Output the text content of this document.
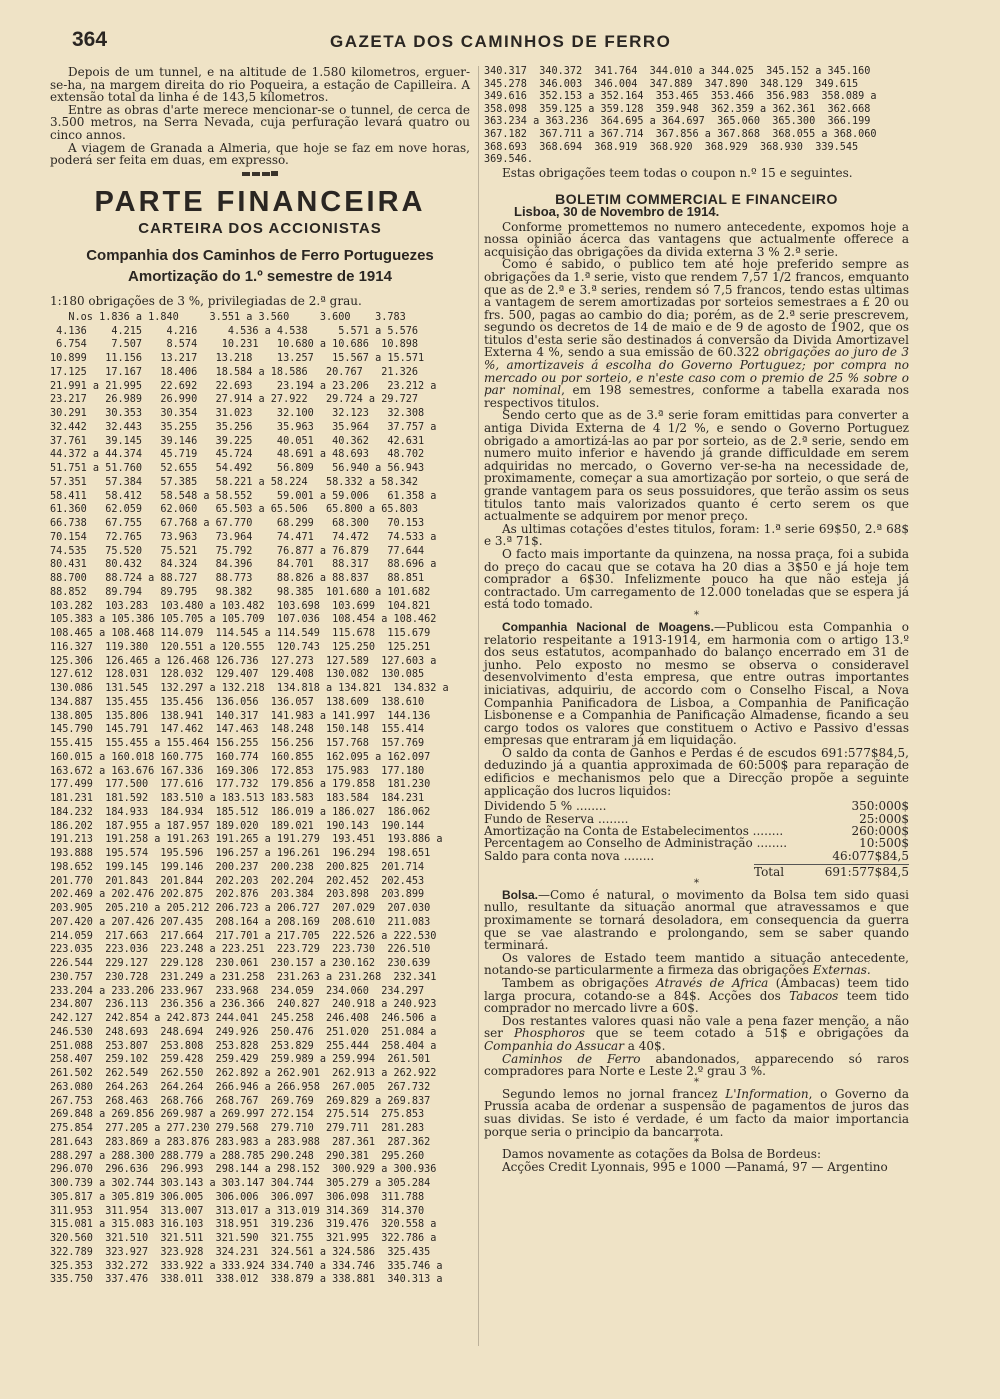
364	GAZETA DOS CAMINHOS DE FERRO

Depois de um tunnel, e na altitude de 1.580 kilometros, erguer-se-ha, na margem direita do rio Poqueira, a estação de Capilleira. A extensão total da linha é de 143,5 kilometros.

Entre as obras d'arte merece mencionar-se o tunnel, de cerca de 3.500 metros, na Serra Nevada, cuja perfuração levará quatro ou cinco annos.

A viagem de Granada a Almeria, que hoje se faz em nove horas, poderá ser feita em duas, em expresso.

PARTE FINANCEIRA
CARTEIRA DOS ACCIONISTAS
Companhia dos Caminhos de Ferro Portuguezes
Amortização do 1.º semestre de 1914

1:180 obrigações de 3 %, privilegiadas de 2.ª grau.

N.os 1.836 a 1.840     3.551 a 3.560     3.600    3.783
4.136    4.215    4.216     4.536 a 4.538     5.571 a 5.576
6.754    7.507    8.574    10.231   10.680 a 10.686  10.898
10.899   11.156   13.217   13.218    13.257   15.567 a 15.571
17.125   17.167   18.406   18.584 a 18.586   20.767   21.326
21.991 a 21.995   22.692   22.693    23.194 a 23.206   23.212 a
23.217   26.989   26.990   27.914 a 27.922   29.724 a 29.727
30.291   30.353   30.354   31.023    32.100   32.123   32.308
32.442   32.443   35.255   35.256    35.963   35.964   37.757 a
37.761   39.145   39.146   39.225    40.051   40.362   42.631
44.372 a 44.374   45.719   45.724    48.691 a 48.693   48.702
51.751 a 51.760   52.655   54.492    56.809   56.940 a 56.943
57.351   57.384   57.385   58.221 a 58.224   58.332 a 58.342
58.411   58.412   58.548 a 58.552    59.001 a 59.006   61.358 a
61.360   62.059   62.060   65.503 a 65.506   65.800 a 65.803
66.738   67.755   67.768 a 67.770    68.299   68.300   70.153
70.154   72.765   73.963   73.964    74.471   74.472   74.533 a
74.535   75.520   75.521   75.792    76.877 a 76.879   77.644
80.431   80.432   84.324   84.396    84.701   88.317   88.696 a
88.700   88.724 a 88.727   88.773    88.826 a 88.837   88.851
88.852   89.794   89.795   98.382    98.385  101.680 a 101.682
103.282  103.283  103.480 a 103.482  103.698  103.699  104.821
105.383 a 105.386 105.705 a 105.709  107.036  108.454 a 108.462
108.465 a 108.468 114.079  114.545 a 114.549  115.678  115.679
116.327  119.380  120.551 a 120.555  120.743  125.250  125.251
125.306  126.465 a 126.468 126.736  127.273  127.589  127.603 a
127.612  128.031  128.032  129.407  129.408  130.082  130.085
130.086  131.545  132.297 a 132.218  134.818 a 134.821  134.832 a
134.887  135.455  135.456  136.056  136.057  138.609  138.610
138.805  135.806  138.941  140.317  141.983 a 141.997  144.136
145.790  145.791  147.462  147.463  148.248  150.148  155.414
155.415  155.455 a 155.464 156.255  156.256  157.768  157.769
160.015 a 160.018 160.775  160.774  160.855  162.095 a 162.097
163.672 a 163.676 167.336  169.306  172.853  175.983  177.180
177.499  177.500  177.616  177.732  179.856 a 179.858  181.230
181.231  181.592  183.510 a 183.513 183.583  183.584  184.231
184.232  184.933  184.934  185.512  186.019 a 186.027  186.062
186.202  187.955 a 187.957 189.020  189.021  190.143  190.144
191.213  191.258 a 191.263 191.265 a 191.279  193.451  193.886 a
193.888  195.574  195.596  196.257 a 196.261  196.294  198.651
198.652  199.145  199.146  200.237  200.238  200.825  201.714
201.770  201.843  201.844  202.203  202.204  202.452  202.453
202.469 a 202.476 202.875  202.876  203.384  203.898  203.899
203.905  205.210 a 205.212 206.723 a 206.727  207.029  207.030
207.420 a 207.426 207.435  208.164 a 208.169  208.610  211.083
214.059  217.663  217.664  217.701 a 217.705  222.526 a 222.530
223.035  223.036  223.248 a 223.251  223.729  223.730  226.510
226.544  229.127  229.128  230.061  230.157 a 230.162  230.639
230.757  230.728  231.249 a 231.258  231.263 a 231.268  232.341
233.204 a 233.206 233.967  233.968  234.059  234.060  234.297
234.807  236.113  236.356 a 236.366  240.827  240.918 a 240.923
242.127  242.854 a 242.873 244.041  245.258  246.408  246.506 a
246.530  248.693  248.694  249.926  250.476  251.020  251.084 a
251.088  253.807  253.808  253.828  253.829  255.444  258.404 a
258.407  259.102  259.428  259.429  259.989 a 259.994  261.501
261.502  262.549  262.550  262.892 a 262.901  262.913 a 262.922
263.080  264.263  264.264  266.946 a 266.958  267.005  267.732
267.753  268.463  268.766  268.767  269.769  269.829 a 269.837
269.848 a 269.856 269.987 a 269.997 272.154  275.514  275.853
275.854  277.205 a 277.230 279.568  279.710  279.711  281.283
281.643  283.869 a 283.876 283.983 a 283.988  287.361  287.362
288.297 a 288.300 288.779 a 288.785 290.248  290.381  295.260
296.070  296.636  296.993  298.144 a 298.152  300.929 a 300.936
300.739 a 302.744 303.143 a 303.147 304.744  305.279 a 305.284
305.817 a 305.819 306.005  306.006  306.097  306.098  311.788
311.953  311.954  313.007  313.017 a 313.019 314.369  314.370
315.081 a 315.083 316.103  318.951  319.236  319.476  320.558 a
320.560  321.510  321.511  321.590  321.755  321.995  322.786 a
322.789  323.927  323.928  324.231  324.561 a 324.586  325.435
325.353  332.272  333.922 a 333.924 334.740 a 334.746  335.746 a
335.750  337.476  338.011  338.012  338.879 a 338.881  340.313 a
340.317  340.372  341.764  344.010 a 344.025  345.152 a 345.160
345.278  346.003  346.004  347.889  347.890  348.129  349.615
349.616  352.153 a 352.164  353.465  353.466  356.983  358.089 a
358.098  359.125 a 359.128  359.948  362.359 a 362.361  362.668
363.234 a 363.236  364.695 a 364.697  365.060  365.300  366.199
367.182  367.711 a 367.714  367.856 a 367.868  368.055 a 368.060
368.693  368.694  368.919  368.920  368.929  368.930  339.545
369.546.

Estas obrigações teem todas o coupon n.º 15 e seguintes.

BOLETIM COMMERCIAL E FINANCEIRO
Lisboa, 30 de Novembro de 1914.

Conforme promettemos no numero antecedente, expomos hoje a nossa opinião ácerca das vantagens que actualmente offerece a acquisição das obrigações da divida externa 3 % 2.ª serie.

Como é sabido, o publico tem até hoje preferido sempre as obrigações da 1.ª serie, visto que rendem 7,57 1/2 francos, emquanto que as de 2.ª e 3.ª series, rendem só 7,5 francos, tendo estas ultimas a vantagem de serem amortizadas por sorteios semestraes a £ 20 ou frs. 500, pagas ao cambio do dia; porém, as de 2.ª serie prescrevem, segundo os decretos de 14 de maio e de 9 de agosto de 1902, que os titulos d'esta serie são destinados á conversão da Divida Amortizavel Externa 4 %, sendo a sua emissão de 60.322 obrigações ao juro de 3 %, amortizaveis á escolha do Governo Portuguez; por compra no mercado ou por sorteio, e n'este caso com o premio de 25 % sobre o par nominal, em 198 semestres, conforme a tabella exarada nos respectivos titulos.

Sendo certo que as de 3.ª serie foram emittidas para converter a antiga Divida Externa de 4 1/2 %, e sendo o Governo Portuguez obrigado a amortizá-las ao par por sorteio, as de 2.ª serie, sendo em numero muito inferior e havendo já grande difficuldade em serem adquiridas no mercado, o Governo ver-se-ha na necessidade de, proximamente, começar a sua amortização por sorteio, o que será de grande vantagem para os seus possuidores, que terão assim os seus titulos tanto mais valorizados quanto é certo serem os que actualmente se adquirem por menor preço.

As ultimas cotações d'estes titulos, foram: 1.ª serie 69$50, 2.ª 68$ e 3.ª 71$.

O facto mais importante da quinzena, na nossa praça, foi a subida do preço do cacau que se cotava ha 20 dias a 3$50 e já hoje tem comprador a 6$30. Infelizmente pouco ha que não esteja já contractado. Um carregamento de 12.000 toneladas que se espera já está todo tomado.

*

Companhia Nacional de Moagens.—Publicou esta Companhia o relatorio respeitante a 1913-1914, em harmonia com o artigo 13.º dos seus estatutos, acompanhado do balanço encerrado em 31 de junho. Pelo exposto no mesmo se observa o consideravel desenvolvimento d'esta empresa, que entre outras importantes iniciativas, adquiriu, de accordo com o Conselho Fiscal, a Nova Companhia Panificadora de Lisboa, a Companhia de Panificação Lisbonense e a Companhia de Panificação Almadense, ficando a seu cargo todos os valores que constituem o Activo e Passivo d'essas empresas que entraram já em liquidação.

O saldo da conta de Ganhos e Perdas é de escudos 691:577$84,5, deduzindo já a quantia approximada de 60:500$ para reparação de edificios e mechanismos pelo que a Direcção propõe a seguinte applicação dos lucros liquidos:

Dividendo 5 % ........	350:000$
Fundo de Reserva ........	25:000$
Amortização na Conta de Estabelecimentos ........	260:000$
Percentagem ao Conselho de Administração ........	10:500$
Saldo para conta nova ........	46:077$84,5
Total	691:577$84,5
*

Bolsa.—Como é natural, o movimento da Bolsa tem sido quasi nullo, resultante da situação anormal que atravessamos e que proximamente se tornará desoladora, em consequencia da guerra que se vae alastrando e prolongando, sem se saber quando terminará.

Os valores de Estado teem mantido a situação antecedente, notando-se particularmente a firmeza das obrigações Externas.

Tambem as obrigações Através de Africa (Ambacas) teem tido larga procura, cotando-se a 84$. Acções dos Tabacos teem tido comprador no mercado livre a 60$.

Dos restantes valores quasi não vale a pena fazer menção, a não ser Phosphoros que se teem cotado a 51$ e obrigações da Companhia do Assucar a 40$.

Caminhos de Ferro abandonados, apparecendo só raros compradores para Norte e Leste 2.º grau 3 %.

*

Segundo lemos no jornal francez L'Information, o Governo da Prussia acaba de ordenar a suspensão de pagamentos de juros das suas dividas. Se isto é verdade, é um facto da maior importancia porque seria o principio da bancarrota.

*

Damos novamente as cotações da Bolsa de Bordeus:

Acções Credit Lyonnais, 995 e 1000 —Panamá, 97 — Argentino
